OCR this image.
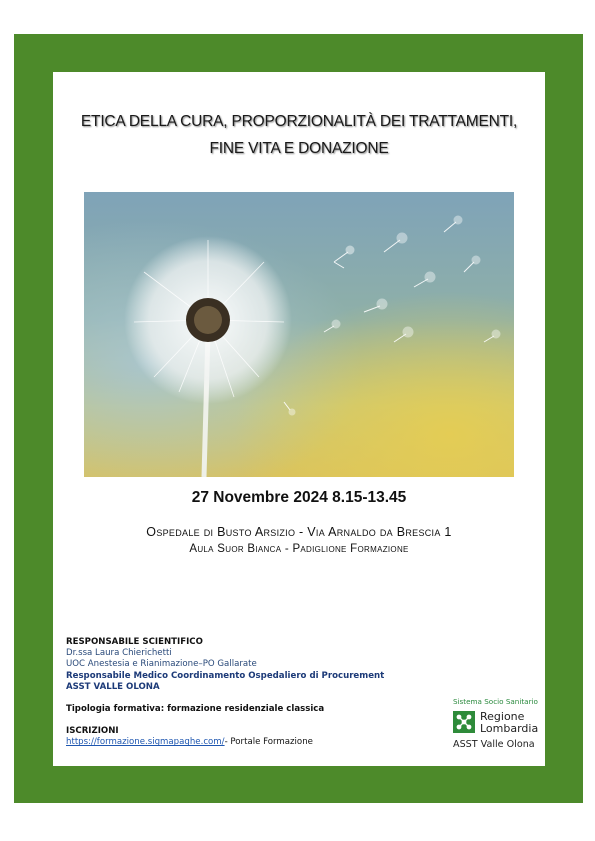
ETICA DELLA CURA, PROPORZIONALITÀ DEI TRATTAMENTI,
FINE VITA E DONAZIONE
27 Novembre 2024 8.15-13.45
Ospedale di Busto Arsizio - Via Arnaldo da Brescia 1
Aula Suor Bianca - Padiglione Formazione
RESPONSABILE SCIENTIFICO
Dr.ssa Laura Chierichetti
UOC Anestesia e Rianimazione–PO Gallarate
Responsabile Medico Coordinamento Ospedaliero di Procurement
ASST VALLE OLONA
Tipologia formativa: formazione residenziale classica
ISCRIZIONI
https://formazione.sigmapaghe.com/- Portale Formazione
Sistema Socio Sanitario
Regione
Lombardia
ASST Valle Olona
